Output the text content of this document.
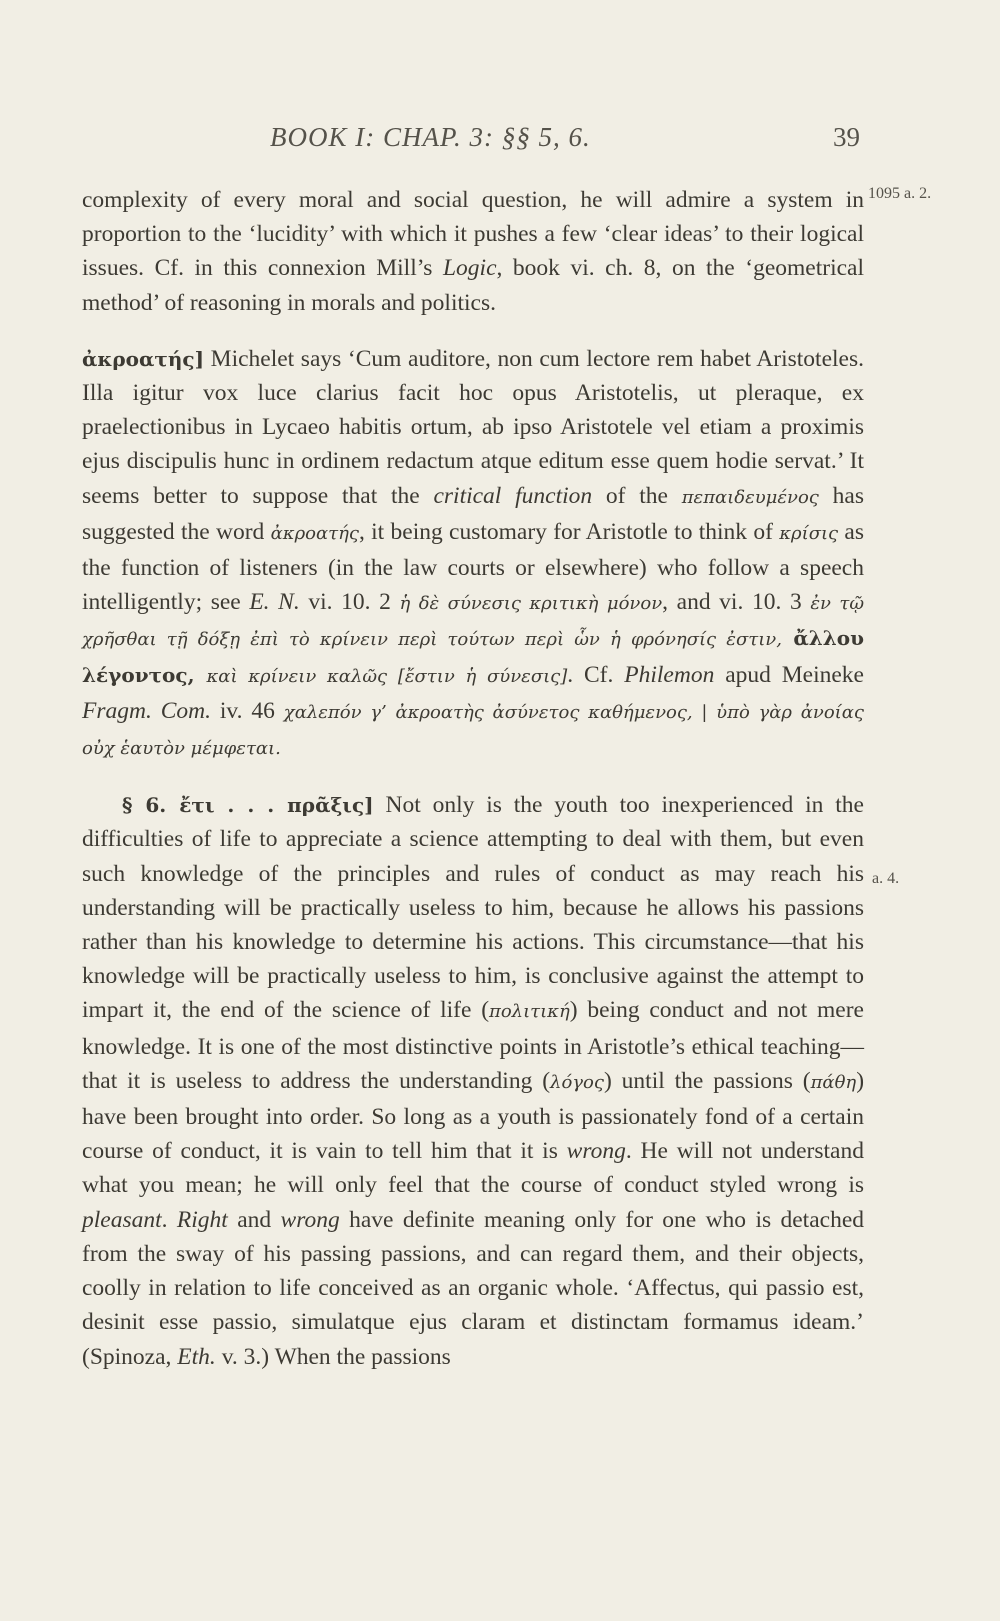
BOOK I: CHAP. 3: §§ 5, 6.	39
1095 a. 2.
a. 4.

complexity of every moral and social question, he will admire a system in proportion to the ‘lucidity’ with which it pushes a few ‘clear ideas’ to their logical issues. Cf. in this connexion Mill’s Logic, book vi. ch. 8, on the ‘geometrical method’ of reasoning in morals and politics.

ἀκροατής] Michelet says ‘Cum auditore, non cum lectore rem habet Aristoteles. Illa igitur vox luce clarius facit hoc opus Aristotelis, ut pleraque, ex praelectionibus in Lycaeo habitis ortum, ab ipso Aristotele vel etiam a proximis ejus discipulis hunc in ordinem redactum atque editum esse quem hodie servat.’ It seems better to suppose that the critical function of the πεπαιδευμένος has suggested the word ἀκροατής, it being customary for Aristotle to think of κρίσις as the function of listeners (in the law courts or elsewhere) who follow a speech intelligently; see E. N. vi. 10. 2 ἡ δὲ σύνεσις κριτικὴ μόνον, and vi. 10. 3 ἐν τῷ χρῆσθαι τῇ δόξῃ ἐπὶ τὸ κρίνειν περὶ τούτων περὶ ὧν ἡ φρόνησίς ἐστιν, ἄλλου λέγοντος, καὶ κρίνειν καλῶς [ἔστιν ἡ σύνεσις]. Cf. Philemon apud Meineke Fragm. Com. iv. 46 χαλεπόν γ’ ἀκροατὴς ἀσύνετος καθήμενος, | ὑπὸ γὰρ ἀνοίας οὐχ ἑαυτὸν μέμφεται.

§ 6. ἔτι . . . πρᾶξις] Not only is the youth too inexperienced in the difficulties of life to appreciate a science attempting to deal with them, but even such knowledge of the principles and rules of conduct as may reach his understanding will be practically useless to him, because he allows his passions rather than his knowledge to determine his actions. This circumstance—that his knowledge will be practically useless to him, is conclusive against the attempt to impart it, the end of the science of life (πολιτική) being conduct and not mere knowledge. It is one of the most distinctive points in Aristotle’s ethical teaching—that it is useless to address the understanding (λόγος) until the passions (πάθη) have been brought into order. So long as a youth is passionately fond of a certain course of conduct, it is vain to tell him that it is wrong. He will not understand what you mean; he will only feel that the course of conduct styled wrong is pleasant. Right and wrong have definite meaning only for one who is detached from the sway of his passing passions, and can regard them, and their objects, coolly in relation to life conceived as an organic whole. ‘Affectus, qui passio est, desinit esse passio, simulatque ejus claram et distinctam formamus ideam.’ (Spinoza, Eth. v. 3.) When the passions
